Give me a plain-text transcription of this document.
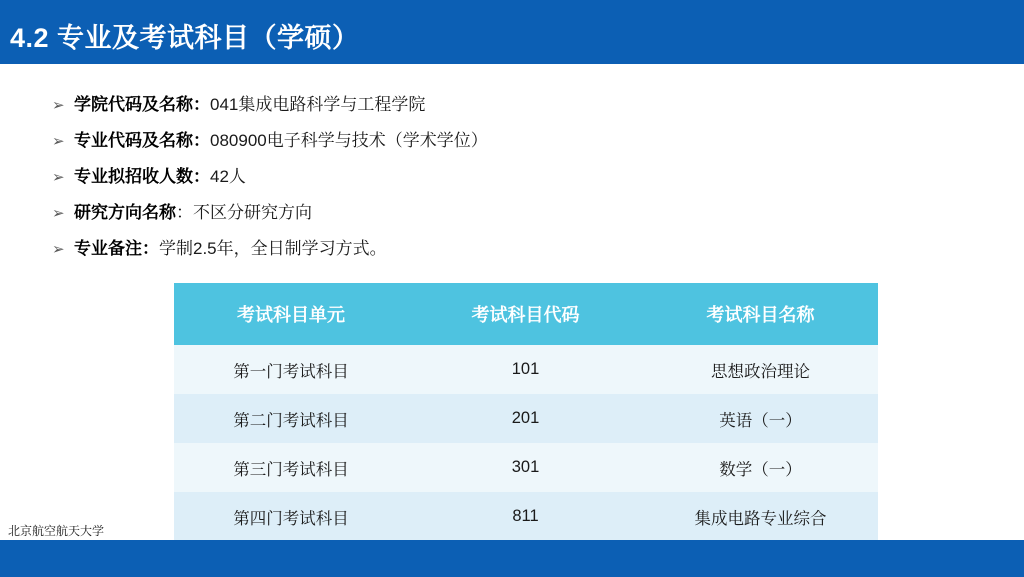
4.2 专业及考试科目（学硕）
➢ 学院代码及名称： 041集成电路科学与工程学院
➢ 专业代码及名称： 080900电子科学与技术（学术学位）
➢ 专业拟招收人数： 42人
➢ 研究方向名称 ：不区分研究方向
➢ 专业备注： 学制2.5年，全日制学习方式。
考试科目单元	考试科目代码	考试科目名称
第一门考试科目	101	思想政治理论
第二门考试科目	201	英语（一）
第三门考试科目	301	数学（一）
第四门考试科目	811	集成电路专业综合
北京航空航天大学
